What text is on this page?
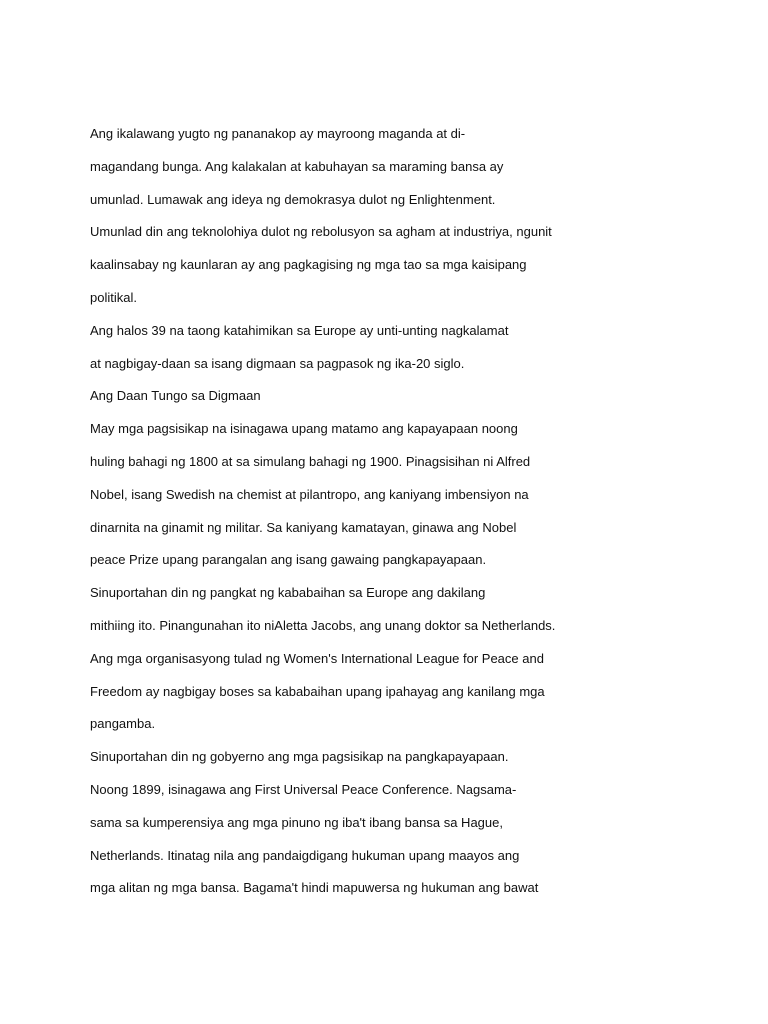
Ang ikalawang yugto ng pananakop ay mayroong maganda at di-
magandang bunga. Ang kalakalan at kabuhayan sa maraming bansa ay
umunlad. Lumawak ang ideya ng demokrasya dulot ng Enlightenment.
Umunlad din ang teknolohiya dulot ng rebolusyon sa agham at industriya, ngunit
kaalinsabay ng kaunlaran ay ang pagkagising ng mga tao sa mga kaisipang
politikal.
Ang halos 39 na taong katahimikan sa Europe ay unti-unting nagkalamat
at nagbigay-daan sa isang digmaan sa pagpasok ng ika-20 siglo.
Ang Daan Tungo sa Digmaan
May mga pagsisikap na isinagawa upang matamo ang kapayapaan noong
huling bahagi ng 1800 at sa simulang bahagi ng 1900. Pinagsisihan ni Alfred
Nobel, isang Swedish na chemist at pilantropo, ang kaniyang imbensiyon na
dinarnita na ginamit ng militar. Sa kaniyang kamatayan, ginawa ang Nobel
peace Prize upang parangalan ang isang gawaing pangkapayapaan.
Sinuportahan din ng pangkat ng kababaihan sa Europe ang dakilang
mithiing ito. Pinangunahan ito niAletta Jacobs, ang unang doktor sa Netherlands.
Ang mga organisasyong tulad ng Women's International League for Peace and
Freedom ay nagbigay boses sa kababaihan upang ipahayag ang kanilang mga
pangamba.
Sinuportahan din ng gobyerno ang mga pagsisikap na pangkapayapaan.
Noong 1899, isinagawa ang First Universal Peace Conference. Nagsama-
sama sa kumperensiya ang mga pinuno ng iba't ibang bansa sa Hague,
Netherlands. Itinatag nila ang pandaigdigang hukuman upang maayos ang
mga alitan ng mga bansa. Bagama't hindi mapuwersa ng hukuman ang bawat
